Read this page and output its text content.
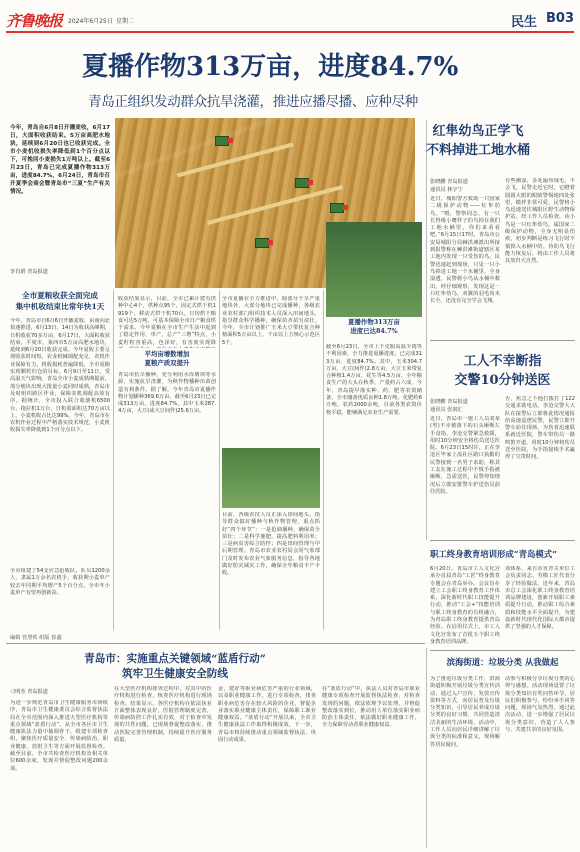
齐鲁晚报 2024年6月25日 星期二	民生 B03
夏播作物313万亩，进度84.7%
青岛正组织发动群众抗旱浇灌，推进应播尽播、应种尽种
今年，青岛自6月8日开播麦收，6月17日，大面积收获结束。5万亩高肥水地块，延续到6月20日也已收获完成。全市小麦机收损失率降低到1个百分点以下，可挽回小麦损失1万吨以上。截至6月23日，青岛已完成夏播作物313万亩，进度84.7%，6月24日，青岛市召开夏季会商会暨青岛市“三夏”生产有关情况。
李肖娟 青岛报道
全市夏粮收获全面完成
集中机收结束比常年快1天
今年，青岛市自6月6日开播麦收，由南向北快速推进，6月13日、14日为收获高峰期，日机收获70多万亩，6月17日，大面积收获结束，平度市，莱西市5万亩高肥水地块，延续到6月20日收获完成。今年夏收主要呈现收获时间短，农业机械调配充足，农机作业保障有力，机收损耗普遍降低，全市夏粮实现颗粒归仓的目标。6月9日至11日，受高温天气影响，青岛全市小麦成熟期提前，部分地块出现大批量小麦同时成熟，青岛市及时组织跨区作业，保障农机调配高效有序。据统计，全市投入联合收割机6500台、拖拉机1万台，日机收面积达70万亩以上，小麦机收占比达99%。今年，青岛市在农机作业过程中严格落实技术规范，小麦机收损失率降低到1个百分点以下。
全市组建了54支应急抢收队，队员1200余人，隶属1万余名农机手。收获期小麦单产较去年同期平均增产5个百分点，全市冬小麦单产有望再创新高。
收获结果显示，目前，全市已累计建有供种中心4个，供种点95个，固定式烘干机1919个，移动式烘干机70台，日均烘干粮食可达5万吨，可基本保障全市日产粮食烘干需求。今年夏粮在全市生产生活中起到了稳定作用，单产，总产“三增”特点，小麦籽粒容重高，色泽好，有害度实现降
平均亩增数增加
夏粮产质双提升
青岛市抗旱播种，充分利用水库塘坝等水源，实施抗旱浇灌，为秋作物播种出苗创造有利条件。据了解，今年青岛市夏播作物计划播种369.6万亩，截至6月23日已完成313万亩，进度84.7%，其中玉米287.4万亩，大豆(或大豆间作)25.6万亩。
全市夏播在全力推进中，除部分干旱严重地块外，大部分地块已完成播种，各级农业农村部门组织技术人员深入田间地头，指导群众科学播种，确保苗齐苗匀苗壮。今年，全市计划推广玉米大豆带状复合种植面积5万亩以上，千亩以上方核心示范区5个。
目前，各级农技人员正深入田间地头，指导群众搞好播种与秋作物管理，重点抓好“四个环节”：一是抢墒播种，确保苗全苗壮；二是科学施肥，提高肥料利用率；三是病虫害综合防控；四是田间管理与中后期管理。青岛市农业农村局会同气象部门及时发布农业气象服务信息，指导各地做好防灾减灾工作，确保全年粮食丰产丰收。
夏播作物313万亩
进度已达84.7%
截至6月23日，全市上下克服高温少雨等不利因素，全力推进夏播进度，已完成313万亩，进度84.7%。其中，玉米304.7万亩，大豆(间作)2.8万亩，大豆玉米带复合种植1.4万亩，花生等4.5万亩。全年粮食生产的大头在秋季，产量约占六成，今年，青岛提早落实种、药、肥等农资储备，全市储备优质良种1.8万吨、化肥约6万吨，农药2000余吨，目前各类农资价格平稳，能够满足农业生产需要。
编辑 管慧铁 组版 崔鑫
红隼幼鸟正学飞
不料掉进工地水桶
张晓鹏 青岛报道
通讯员 林宇宁
近日，城阳警方救助一只国家二级保护动物——红隼幼鸟。“喂，警察同志，有一只长得像小鹰样子的鸟掉在我们工地水桶里，你们来看看吧。”6月15日17时，青岛市公安局城阳分局棘洪滩派出所接到报警称在棘洪滩街道辖区某工地内发现一只受伤的鸟。民警迅速赶到现场，只见一只小鸟掉进工地一个水桶里，全身湿透。民警将小鸟从水桶中救出，经仔细观察，发现这是一只红隼幼鸟，双翼的羽毛尚未长全，还没有完全学会飞翔。
有些潮湿，多处遍布绒毛，不会飞，民警走近它时，它瞪着圆圆大眼的眼睛警惕地四处张望，模样非常可爱。民警将小鸟迅速送往城阳区野生动物保护站，经工作人员检查，该小鸟是一只红隼幼鸟，属国家二级保护动物，全身无明显伤痕，初步判断是练习飞行时不慎掉入水桶中的。待幼鸟飞行能力恢复后，将由工作人员将其放归大自然。
工人不幸断指
交警10分钟送医
张晓鹏 青岛报道
通讯员 张润汇
近日，青岛市一施工人员刘某(男)不幸被落下的石头砸断左手食指，李沧交警紧急救援，用时10分钟安全将伤员送达医院。6月23日15时许，正在李沧区毕家上流社区路口执勤的民警接到一名男子求助，称其工友在施工过程中不慎手指被砸断，急需送医，民警得知情况后立即安排警车护送伤员前往医院。
否，焦急之下他打拨打了122交通求助电话。李沧交警大大队在接警后立即将此情况通报给高速巡逻民警，民警立即开警车前往现场，为伤者迅速联系就近医院，警车带伤员一路鸣笛开道，用时10分钟将伤员送至医院，为手指接续手术赢得了宝贵时间。
职工终身教育培训形成“青岛模式”
6月20日，青岛市工人文化宫承办首届青岛“工匠”终身教育专题会在青岛举办。会议旨在建立工会职工终身教育工作体系，深化新时代职工技能提升行动，推动“工会+”技能培训与职工终身教育的有机融合，为青岛职工终身教育提供青岛经验。在启用仪式上，市工人文化宫发布了首批五个职工终身教育培训品牌。
训体系，来自市直青关单位工会负责同志、劳模工匠代表分享了经验做法。近年来，青岛市总工会深化职工终身教育培训品牌建设，创新开展职工素质提升行动，推动职工综合素质和技能水平全面提升，为建设新时代现代化国际大都市提供了坚强的人才保障。
青岛市：实施重点关键领域“蓝盾行动”
筑牢卫生健康安全防线
刁明杰 青岛报道
为进一步规范青岛市卫生健康服务市场秩序，青岛市卫生健康委员会综合监督执法局在全市范围内深入推进大型医疗机构等重点领域“蓝盾行动”。从全市各区市卫生健康执法力量中抽调骨干，组建专项检查组，聚焦医疗质量安全、传染病防治、职业健康、放射卫生等方面开展监督检查。截至目前，全市共检查医疗机构及相关单位600余家，发现并督促整改问题200余项。
在大型医疗机构排查过程中，对其中的医疗机构进行检查，核查医疗机构进行现场检查。结果显示，各医疗机构在依法执业方面整体表现良好，医院管理制度完善，传染病防控工作扎实有效，对于检查中发现的共性问题，已现场督促整改落实，推动医院完善管理机制，持续提升医疗服务质量。
金，建好等职业病危害严重的行业领域，以及职业健康工作。进行专项检查，排查职业病危害存在较大风险的企业，督促企业落实职业健康主体责任，保障职工职业健康权益。“蓝盾行动”开展以来，全市卫生健康执法工作取得积极成效，下一步，青岛市将持续推动重点领域监督执法，巩固行动成果。
在“蓝盾行动”中，执法人员对青岛市职业健康专项检查开展监督执法检查，对检查发现的问题，依法依规予以处理，并督促整改落实到位，推动用人单位落实职业病防治主体责任，依法做好职业健康工作，全力保障劳动者职业健康权益。
滨海街道：垃圾分类 从我做起
为了推进垃圾分类工作，滨海街道积极开展垃圾分类宣传活动，通过入户宣传、发放宣传资料等方式，向居民普及垃圾分类知识，引导居民养成垃圾分类的良好习惯，共同营造清洁美丽的生活环境。活动中，工作人员向居民详细讲解了垃圾分类的标准和意义，现场解答居民疑问。
动参与积极分享垃圾分类的心得与感想。活动现场设置了垃圾分类知识有奖问答环节，居民们积极参与，纷纷举手回答问题，现场气氛热烈。通过此次活动，进一步增强了居民垃圾分类意识，营造了人人参与、共建共享的良好氛围。
